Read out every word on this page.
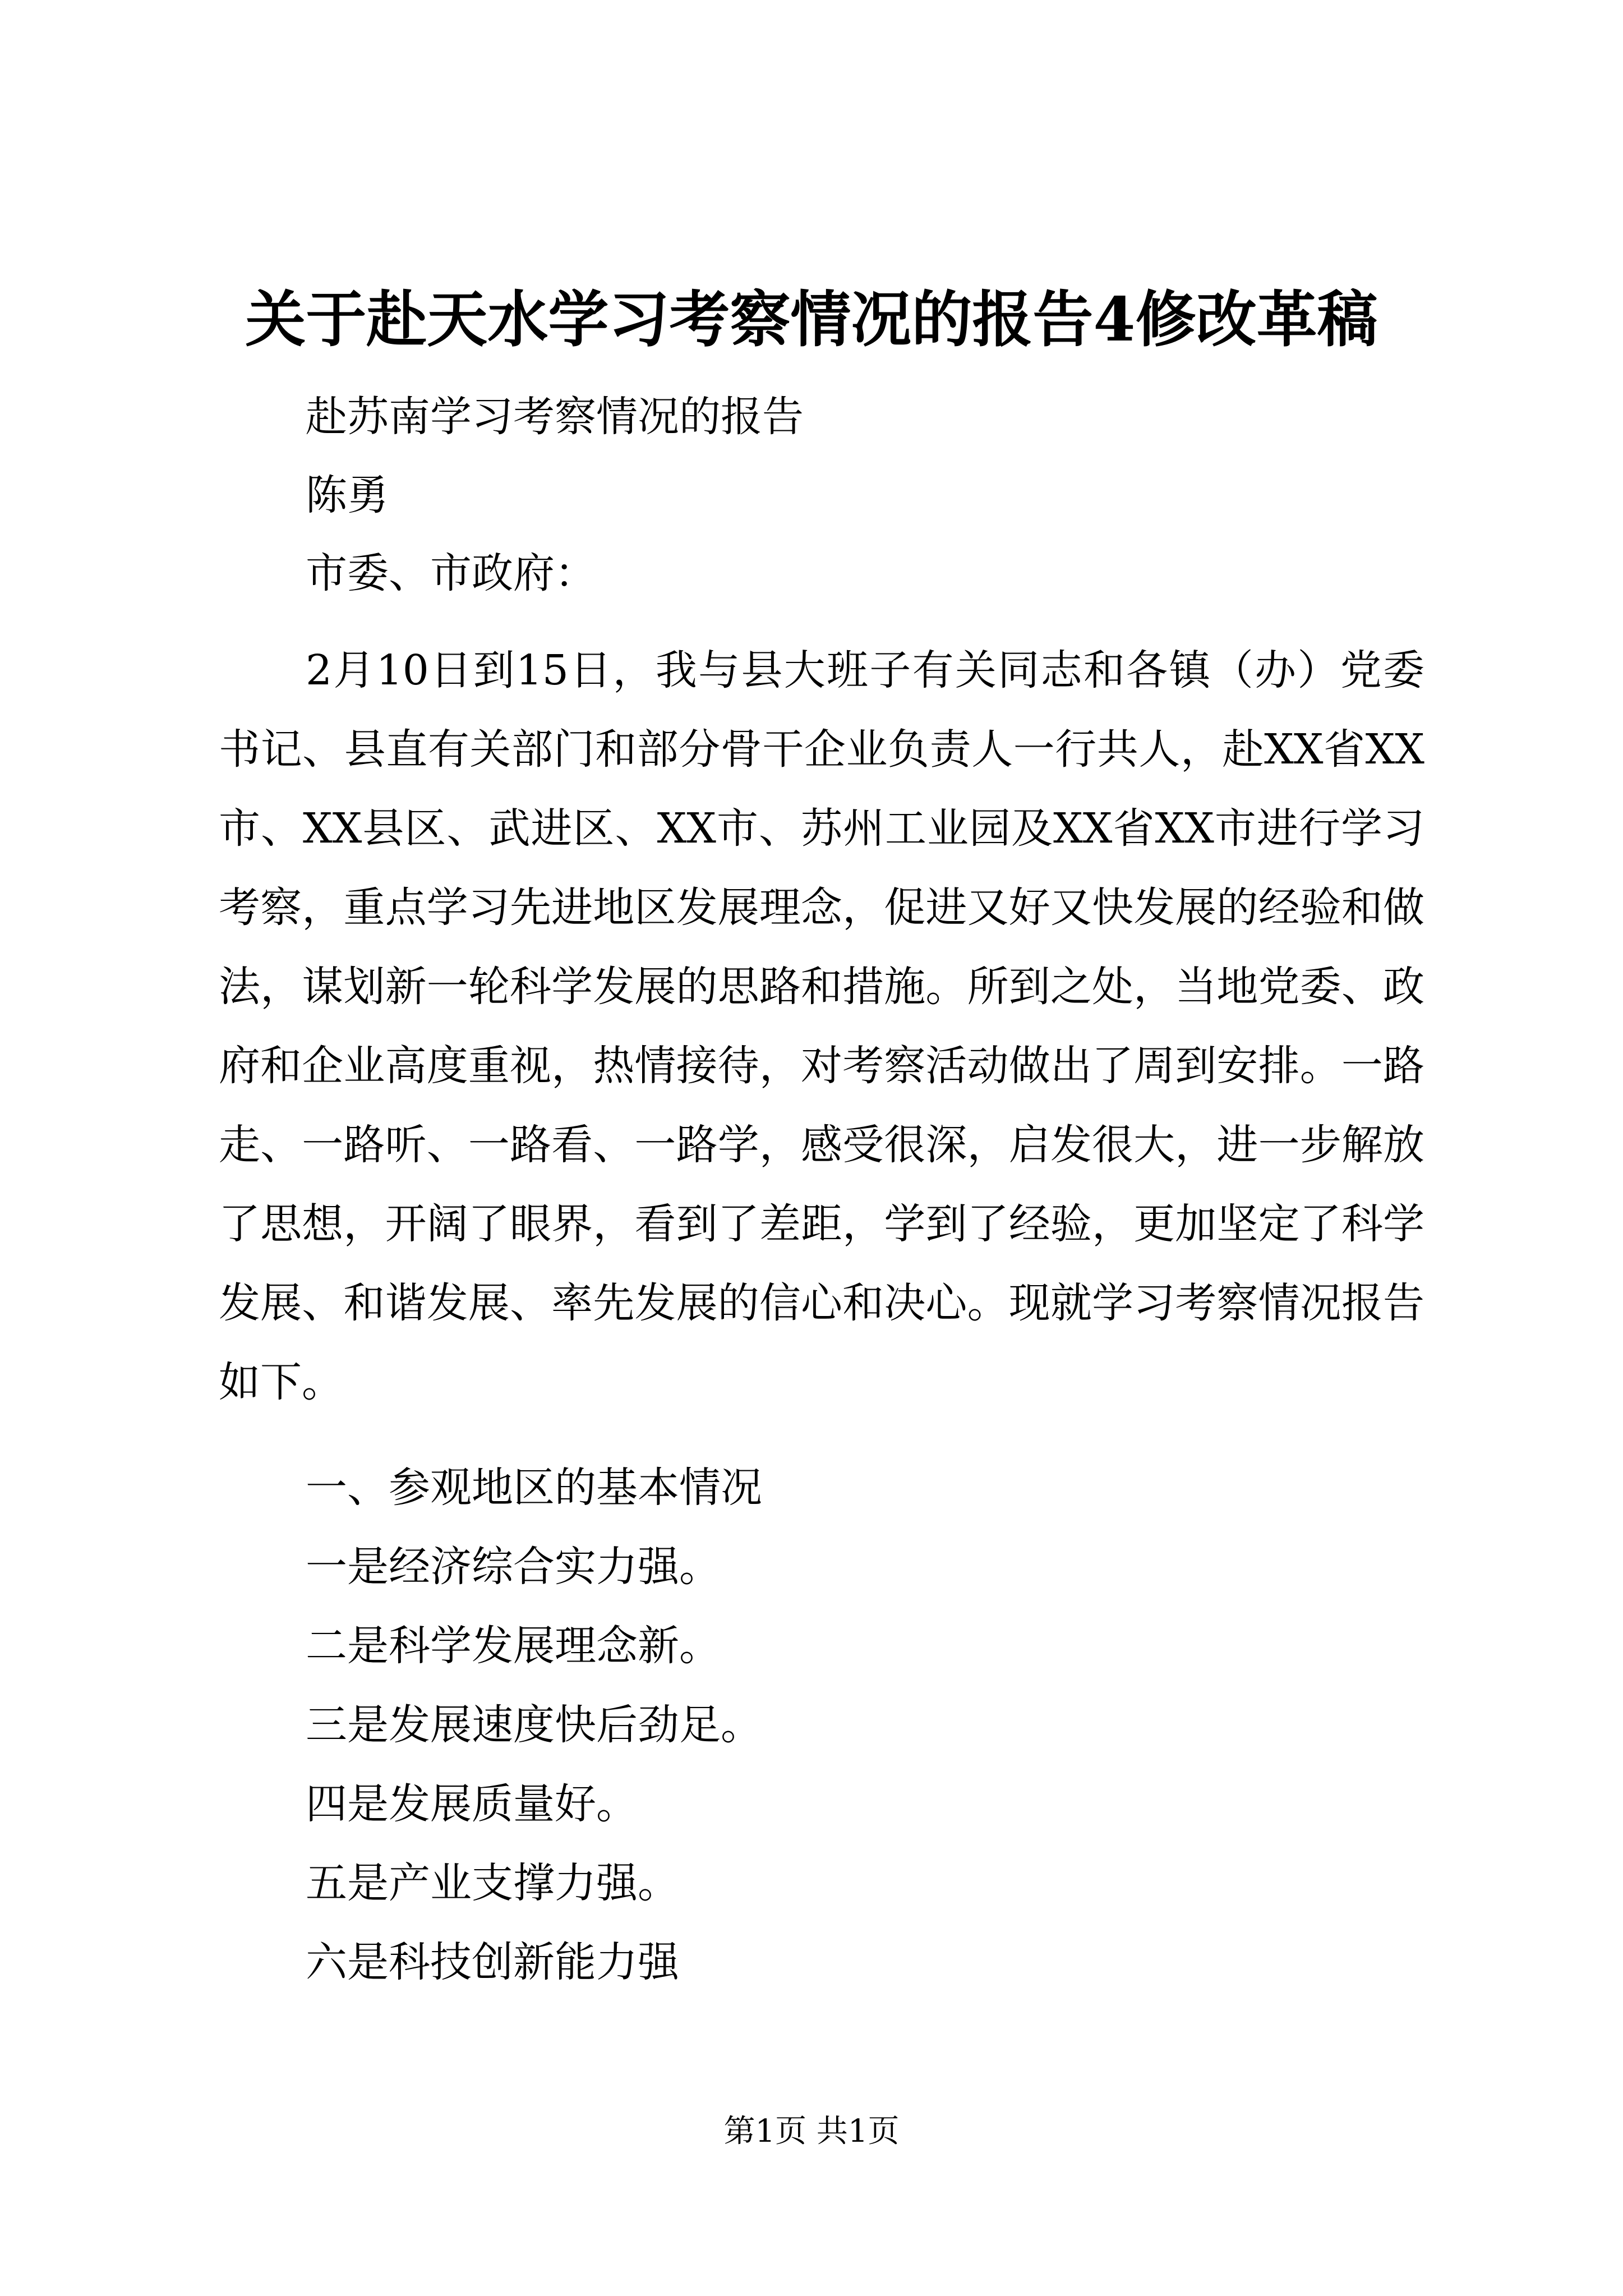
关于赴天水学习考察情况的报告4修改革稿
赴苏南学习考察情况的报告
陈勇
市委、市政府：
2月10日到15日，我与县大班子有关同志和各镇（办）党委书记、县直有关部门和部分骨干企业负责人一行共人，赴XX省XX市、XX县区、武进区、XX市、苏州工业园及XX省XX市进行学习考察，重点学习先进地区发展理念，促进又好又快发展的经验和做法，谋划新一轮科学发展的思路和措施。所到之处，当地党委、政府和企业高度重视，热情接待，对考察活动做出了周到安排。一路走、一路听、一路看、一路学，感受很深，启发很大，进一步解放了思想，开阔了眼界，看到了差距，学到了经验，更加坚定了科学发展、和谐发展、率先发展的信心和决心。现就学习考察情况报告如下。
一、参观地区的基本情况
一是经济综合实力强。
二是科学发展理念新。
三是发展速度快后劲足。
四是发展质量好。
五是产业支撑力强。
六是科技创新能力强
第1页 共1页
